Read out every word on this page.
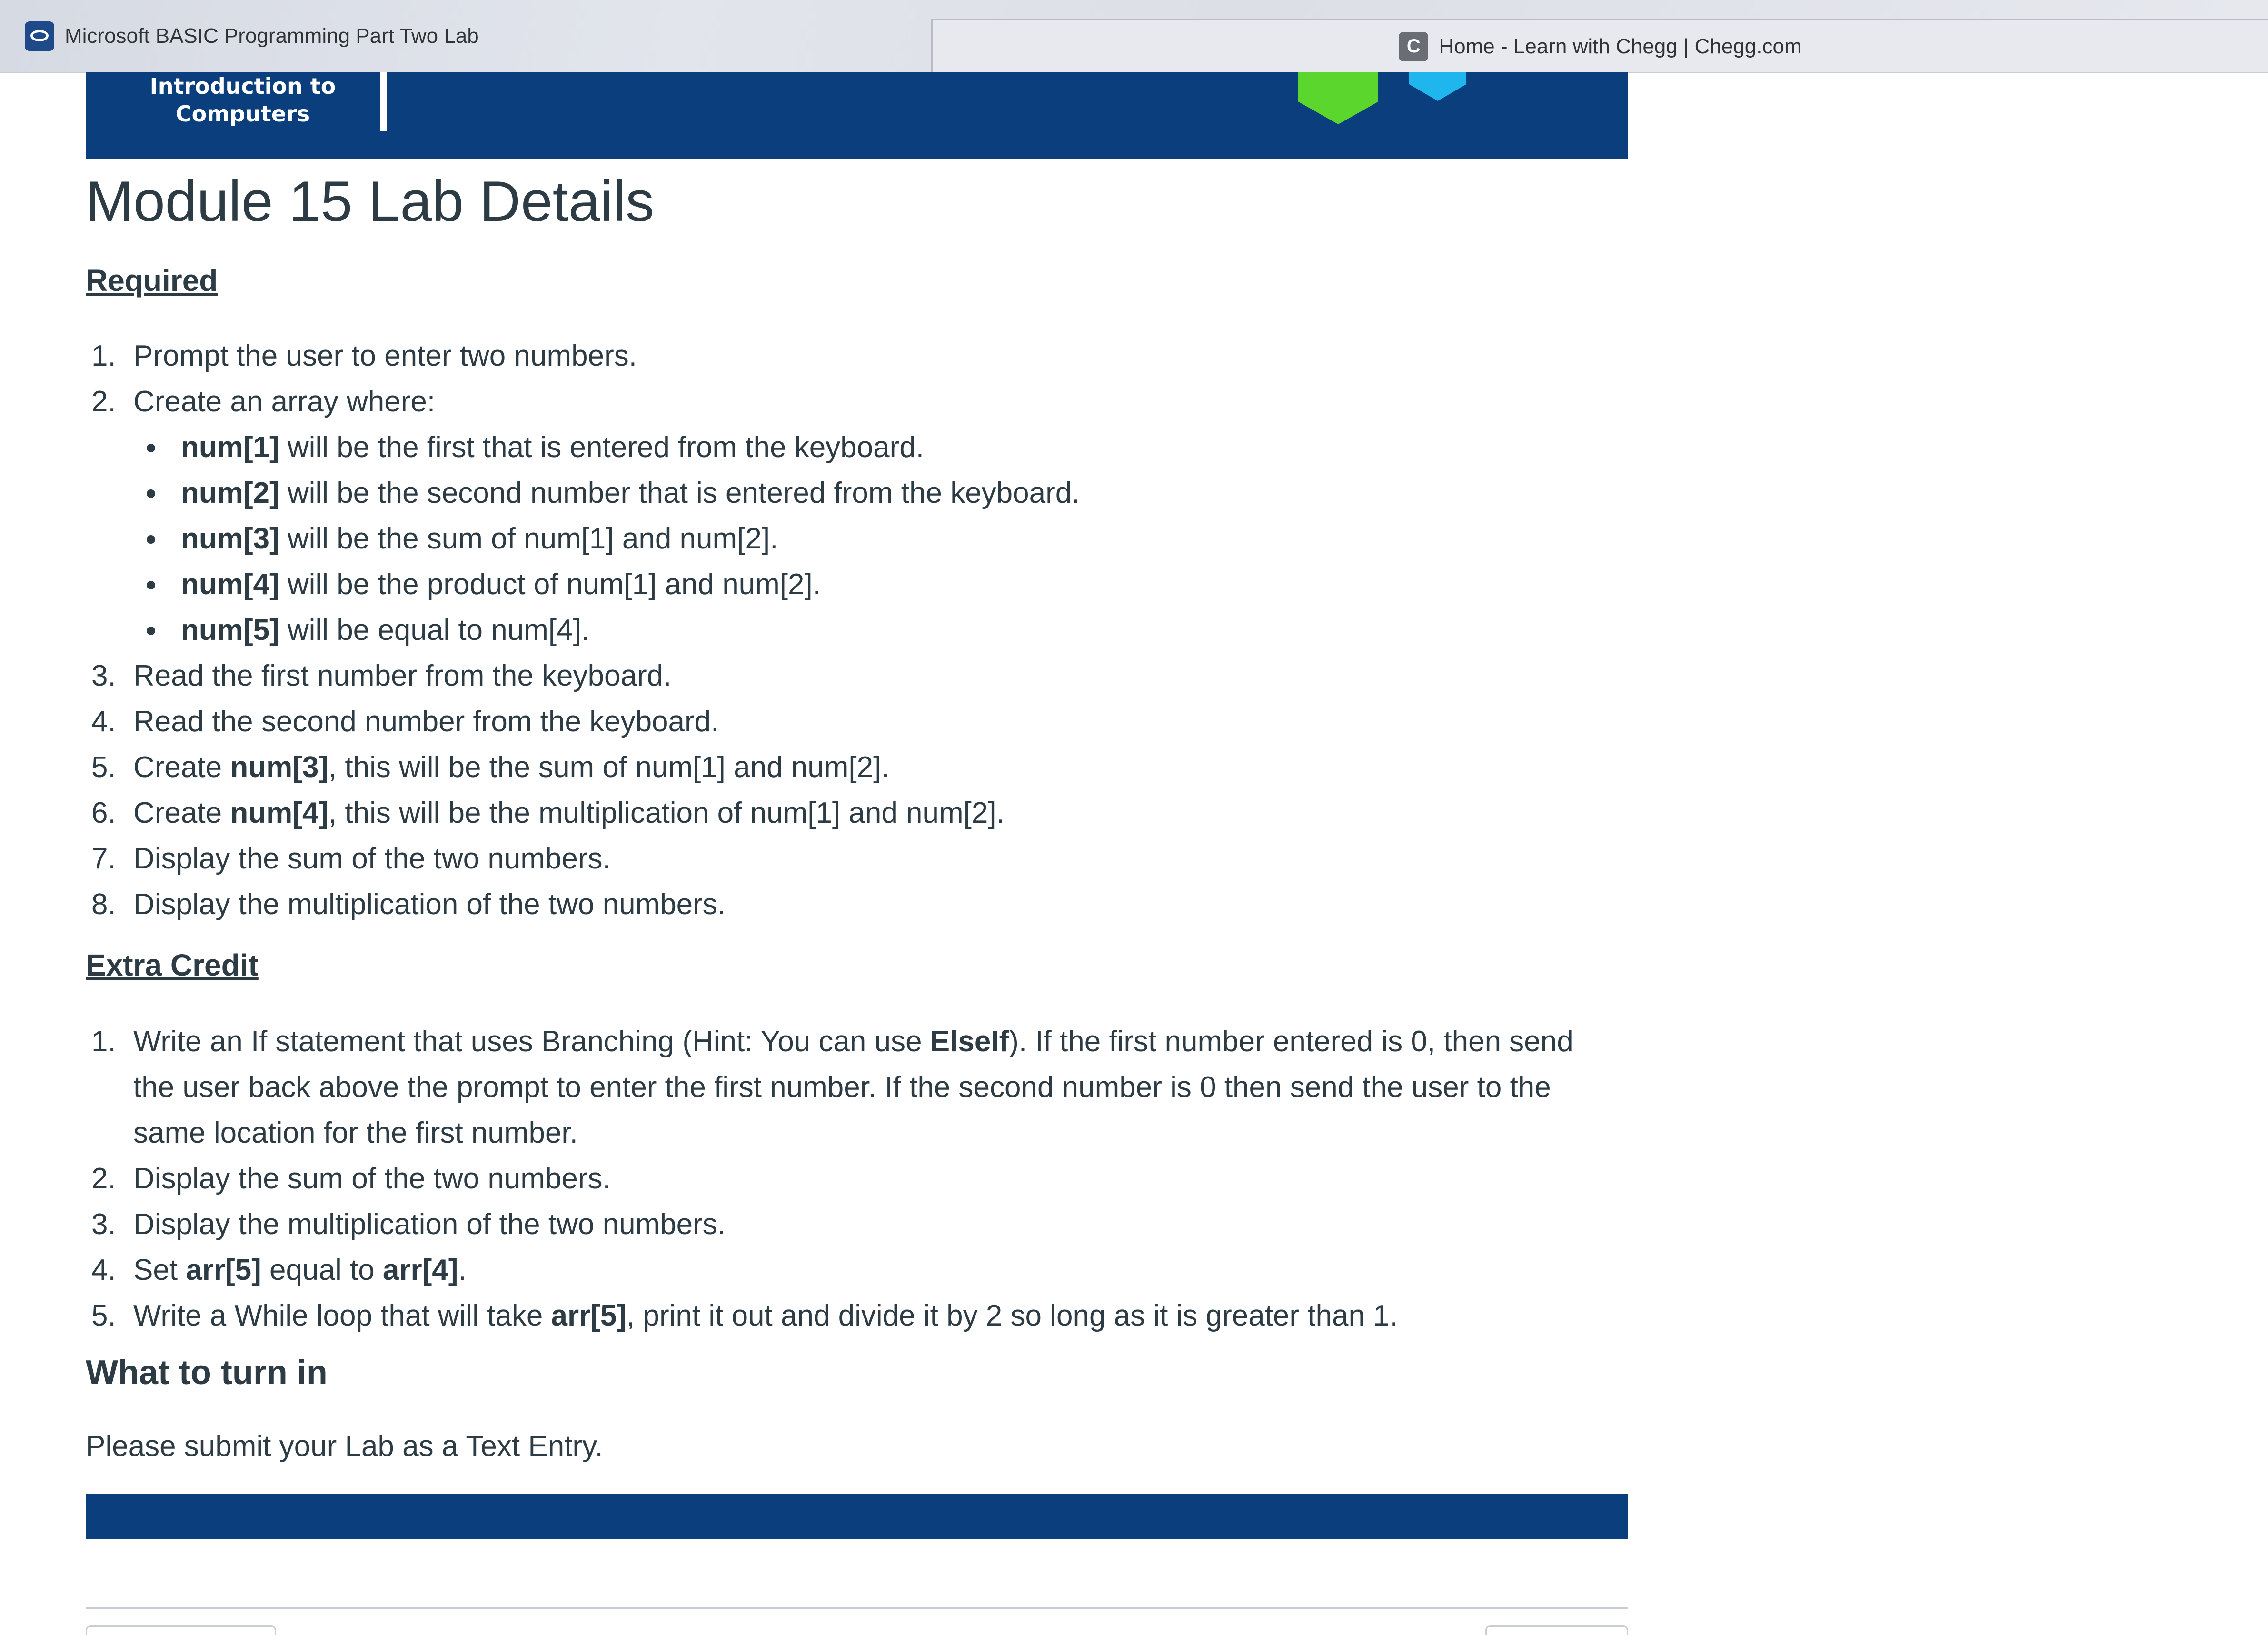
Microsoft BASIC Programming Part Two Lab	C Home - Learn with Chegg | Chegg.com
Introduction to
Computers
Module 15 Lab Details
Required
1. Prompt the user to enter two numbers.
2. Create an array where:
num[1] will be the first that is entered from the keyboard.
num[2] will be the second number that is entered from the keyboard.
num[3] will be the sum of num[1] and num[2].
num[4] will be the product of num[1] and num[2].
num[5] will be equal to num[4].
3. Read the first number from the keyboard.
4. Read the second number from the keyboard.
5. Create num[3], this will be the sum of num[1] and num[2].
6. Create num[4], this will be the multiplication of num[1] and num[2].
7. Display the sum of the two numbers.
8. Display the multiplication of the two numbers.
Extra Credit
1. Write an If statement that uses Branching (Hint: You can use ElseIf). If the first number entered is 0, then send the user back above the prompt to enter the first number. If the second number is 0 then send the user to the same location for the first number.
2. Display the sum of the two numbers.
3. Display the multiplication of the two numbers.
4. Set arr[5] equal to arr[4].
5. Write a While loop that will take arr[5], print it out and divide it by 2 so long as it is greater than 1.
What to turn in
Please submit your Lab as a Text Entry.
